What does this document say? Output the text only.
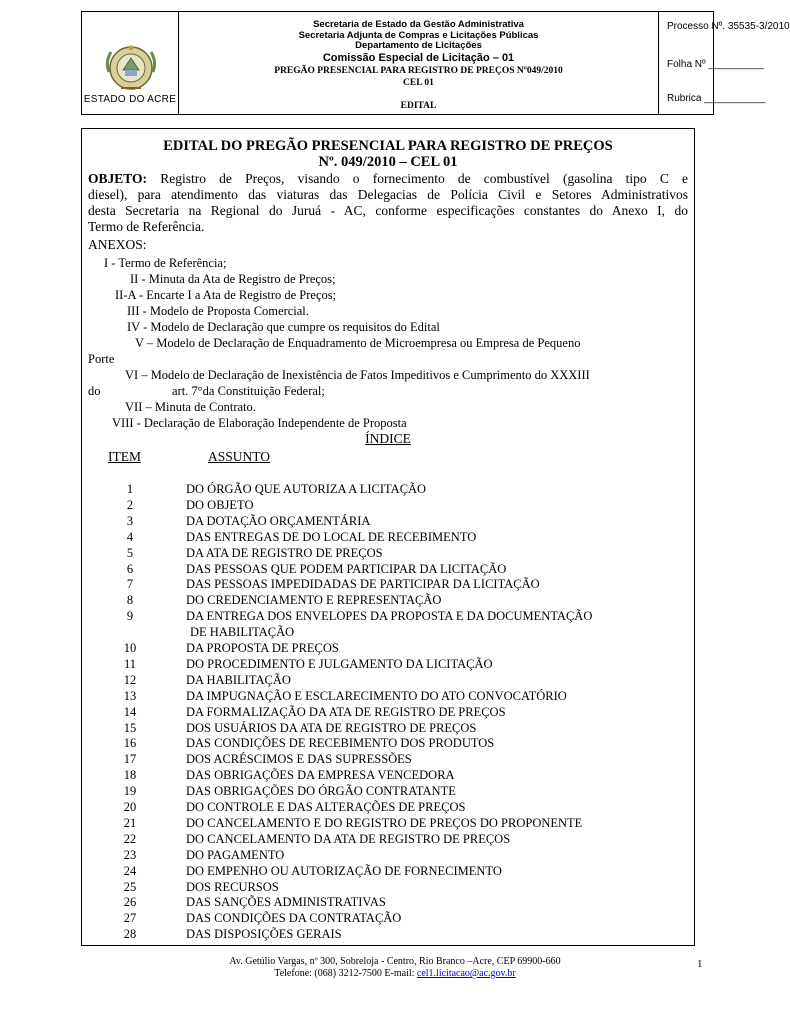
ESTADO DO ACRE
Secretaria de Estado da Gestão Administrativa
Secretaria Adjunta de Compras e Licitações Públicas
Departamento de Licitações
Comissão Especial de Licitação – 01
PREGÃO PRESENCIAL PARA REGISTRO DE PREÇOS Nº049/2010
CEL 01
EDITAL
Processo Nº. 35535-3/2010
Folha Nº __________
Rubrica ___________
EDITAL DO PREGÃO PRESENCIAL PARA REGISTRO DE PREÇOS
Nº. 049/2010 – CEL 01
OBJETO: Registro de Preços, visando o fornecimento de combustível (gasolina tipo C e
diesel), para atendimento das viaturas das Delegacias de Polícia Civil e Setores Administrativos
desta Secretaria na Regional do Juruá - AC, conforme especificações constantes do Anexo I, do
Termo de Referência.
ANEXOS:
I - Termo de Referência;
II - Minuta da Ata de Registro de Preços;
II-A - Encarte I a Ata de Registro de Preços;
III - Modelo de Proposta Comercial.
IV - Modelo de Declaração que cumpre os requisitos do Edital
V – Modelo de Declaração de Enquadramento de Microempresa ou Empresa de Pequeno
Porte
VI – Modelo de Declaração de Inexistência de Fatos Impeditivos e Cumprimento do XXXIII
do	art. 7°da Constituição Federal;
VII – Minuta de Contrato.
VIII - Declaração de Elaboração Independente de Proposta
ÍNDICE
ITEM	ASSUNTO
1	DO ÓRGÃO QUE AUTORIZA A LICITAÇÃO
2	DO OBJETO
3	DA DOTAÇÃO ORÇAMENTÁRIA
4	DAS ENTREGAS DE DO LOCAL DE RECEBIMENTO
5	DA ATA DE REGISTRO DE PREÇOS
6	DAS PESSOAS QUE PODEM PARTICIPAR DA LICITAÇÃO
7	DAS PESSOAS IMPEDIDADAS DE PARTICIPAR DA LICITAÇÃO
8	DO CREDENCIAMENTO E REPRESENTAÇÃO
9	DA ENTREGA DOS ENVELOPES DA PROPOSTA E DA DOCUMENTAÇÃO
DE HABILITAÇÃO
10	DA PROPOSTA DE PREÇOS
11	DO PROCEDIMENTO E JULGAMENTO DA LICITAÇÃO
12	DA HABILITAÇÃO
13	DA IMPUGNAÇÃO E ESCLARECIMENTO DO ATO CONVOCATÓRIO
14	DA FORMALIZAÇÃO DA ATA DE REGISTRO DE PREÇOS
15	DOS USUÁRIOS DA ATA DE REGISTRO DE PREÇOS
16	DAS CONDIÇÕES DE RECEBIMENTO DOS PRODUTOS
17	DOS ACRÉSCIMOS E DAS SUPRESSÕES
18	DAS OBRIGAÇÕES DA EMPRESA VENCEDORA
19	DAS OBRIGAÇÕES DO ÓRGÃO CONTRATANTE
20	DO CONTROLE E DAS ALTERAÇÕES DE PREÇOS
21	DO CANCELAMENTO E DO REGISTRO DE PREÇOS DO PROPONENTE
22	DO CANCELAMENTO DA ATA DE REGISTRO DE PREÇOS
23	DO PAGAMENTO
24	DO EMPENHO OU AUTORIZAÇÃO DE FORNECIMENTO
25	DOS RECURSOS
26	DAS SANÇÕES ADMINISTRATIVAS
27	DAS CONDIÇÕES DA CONTRATAÇÃO
28	DAS DISPOSIÇÕES GERAIS
Av. Getúlio Vargas, nº 300, Sobreloja - Centro, Rio Branco –Acre, CEP 69900-660
Telefone: (068) 3212-7500 E-mail: cel1.licitacao@ac.gov.br
1
